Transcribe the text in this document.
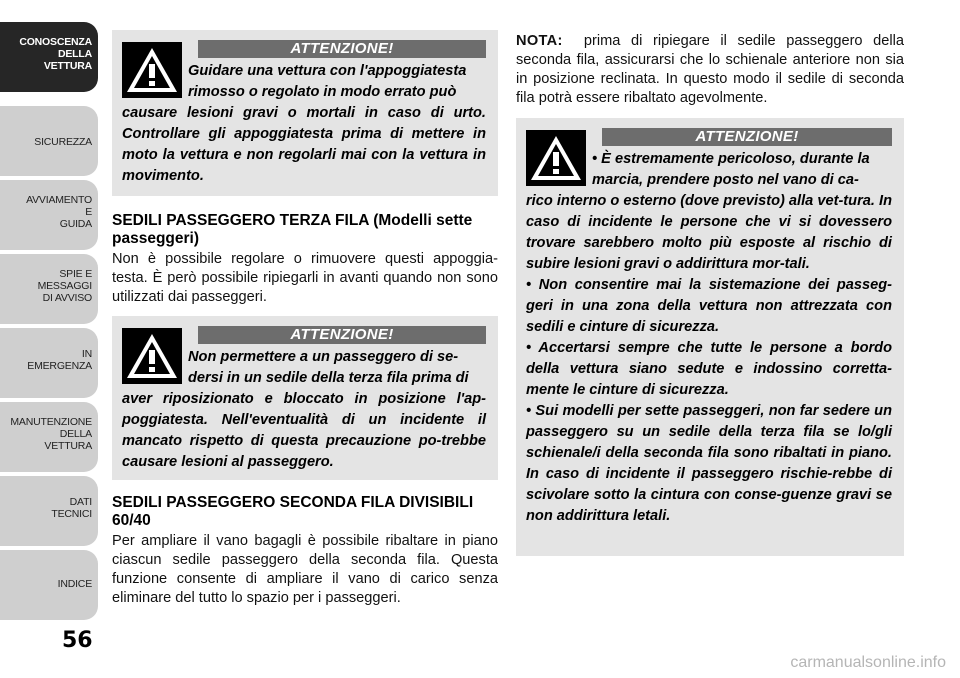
CONOSCENZA
DELLA
VETTURA
SICUREZZA
AVVIAMENTO
E
GUIDA
SPIE E
MESSAGGI
DI AVVISO
IN
EMERGENZA
MANUTENZIONE
DELLA
VETTURA
DATI
TECNICI
INDICE
56
ATTENZIONE!

Guidare una vettura con l'appoggiatesta

rimosso o regolato in modo errato può

causare lesioni gravi o mortali in caso di urto. Controllare gli appoggiatesta prima di mettere in moto la vettura e non regolarli mai con la vettura in movimento.

SEDILI PASSEGGERO TERZA FILA (Modelli sette passeggeri)
Non è possibile regolare o rimuovere questi appoggia-testa. È però possibile ripiegarli in avanti quando non sono utilizzati dai passeggeri.
ATTENZIONE!

Non permettere a un passeggero di se-

dersi in un sedile della terza fila prima di

aver riposizionato e bloccato in posizione l'ap-poggiatesta. Nell'eventualità di un incidente il mancato rispetto di questa precauzione po-trebbe causare lesioni al passeggero.

SEDILI PASSEGGERO SECONDA FILA DIVISIBILI 60/40
Per ampliare il vano bagagli è possibile ribaltare in piano ciascun sedile passeggero della seconda fila. Questa funzione consente di ampliare il vano di carico senza eliminare del tutto lo spazio per i passeggeri.
NOTA: prima di ripiegare il sedile passeggero della seconda fila, assicurarsi che lo schienale anteriore non sia in posizione reclinata. In questo modo il sedile di seconda fila potrà essere ribaltato agevolmente.
ATTENZIONE!

• È estremamente pericoloso, durante la

marcia, prendere posto nel vano di ca-

rico interno o esterno (dove previsto) alla vet-tura. In caso di incidente le persone che vi si dovessero trovare sarebbero molto più esposte al rischio di subire lesioni gravi o addirittura mor-tali.

• Non consentire mai la sistemazione dei passeg-geri in una zona della vettura non attrezzata con sedili e cinture di sicurezza.

• Accertarsi sempre che tutte le persone a bordo della vettura siano sedute e indossino corretta-mente le cinture di sicurezza.

• Sui modelli per sette passeggeri, non far sedere un passeggero su un sedile della terza fila se lo/gli schienale/i della seconda fila sono ribaltati in piano. In caso di incidente il passeggero rischie-rebbe di scivolare sotto la cintura con conse-guenze gravi se non addirittura letali.

carmanualsonline.info
